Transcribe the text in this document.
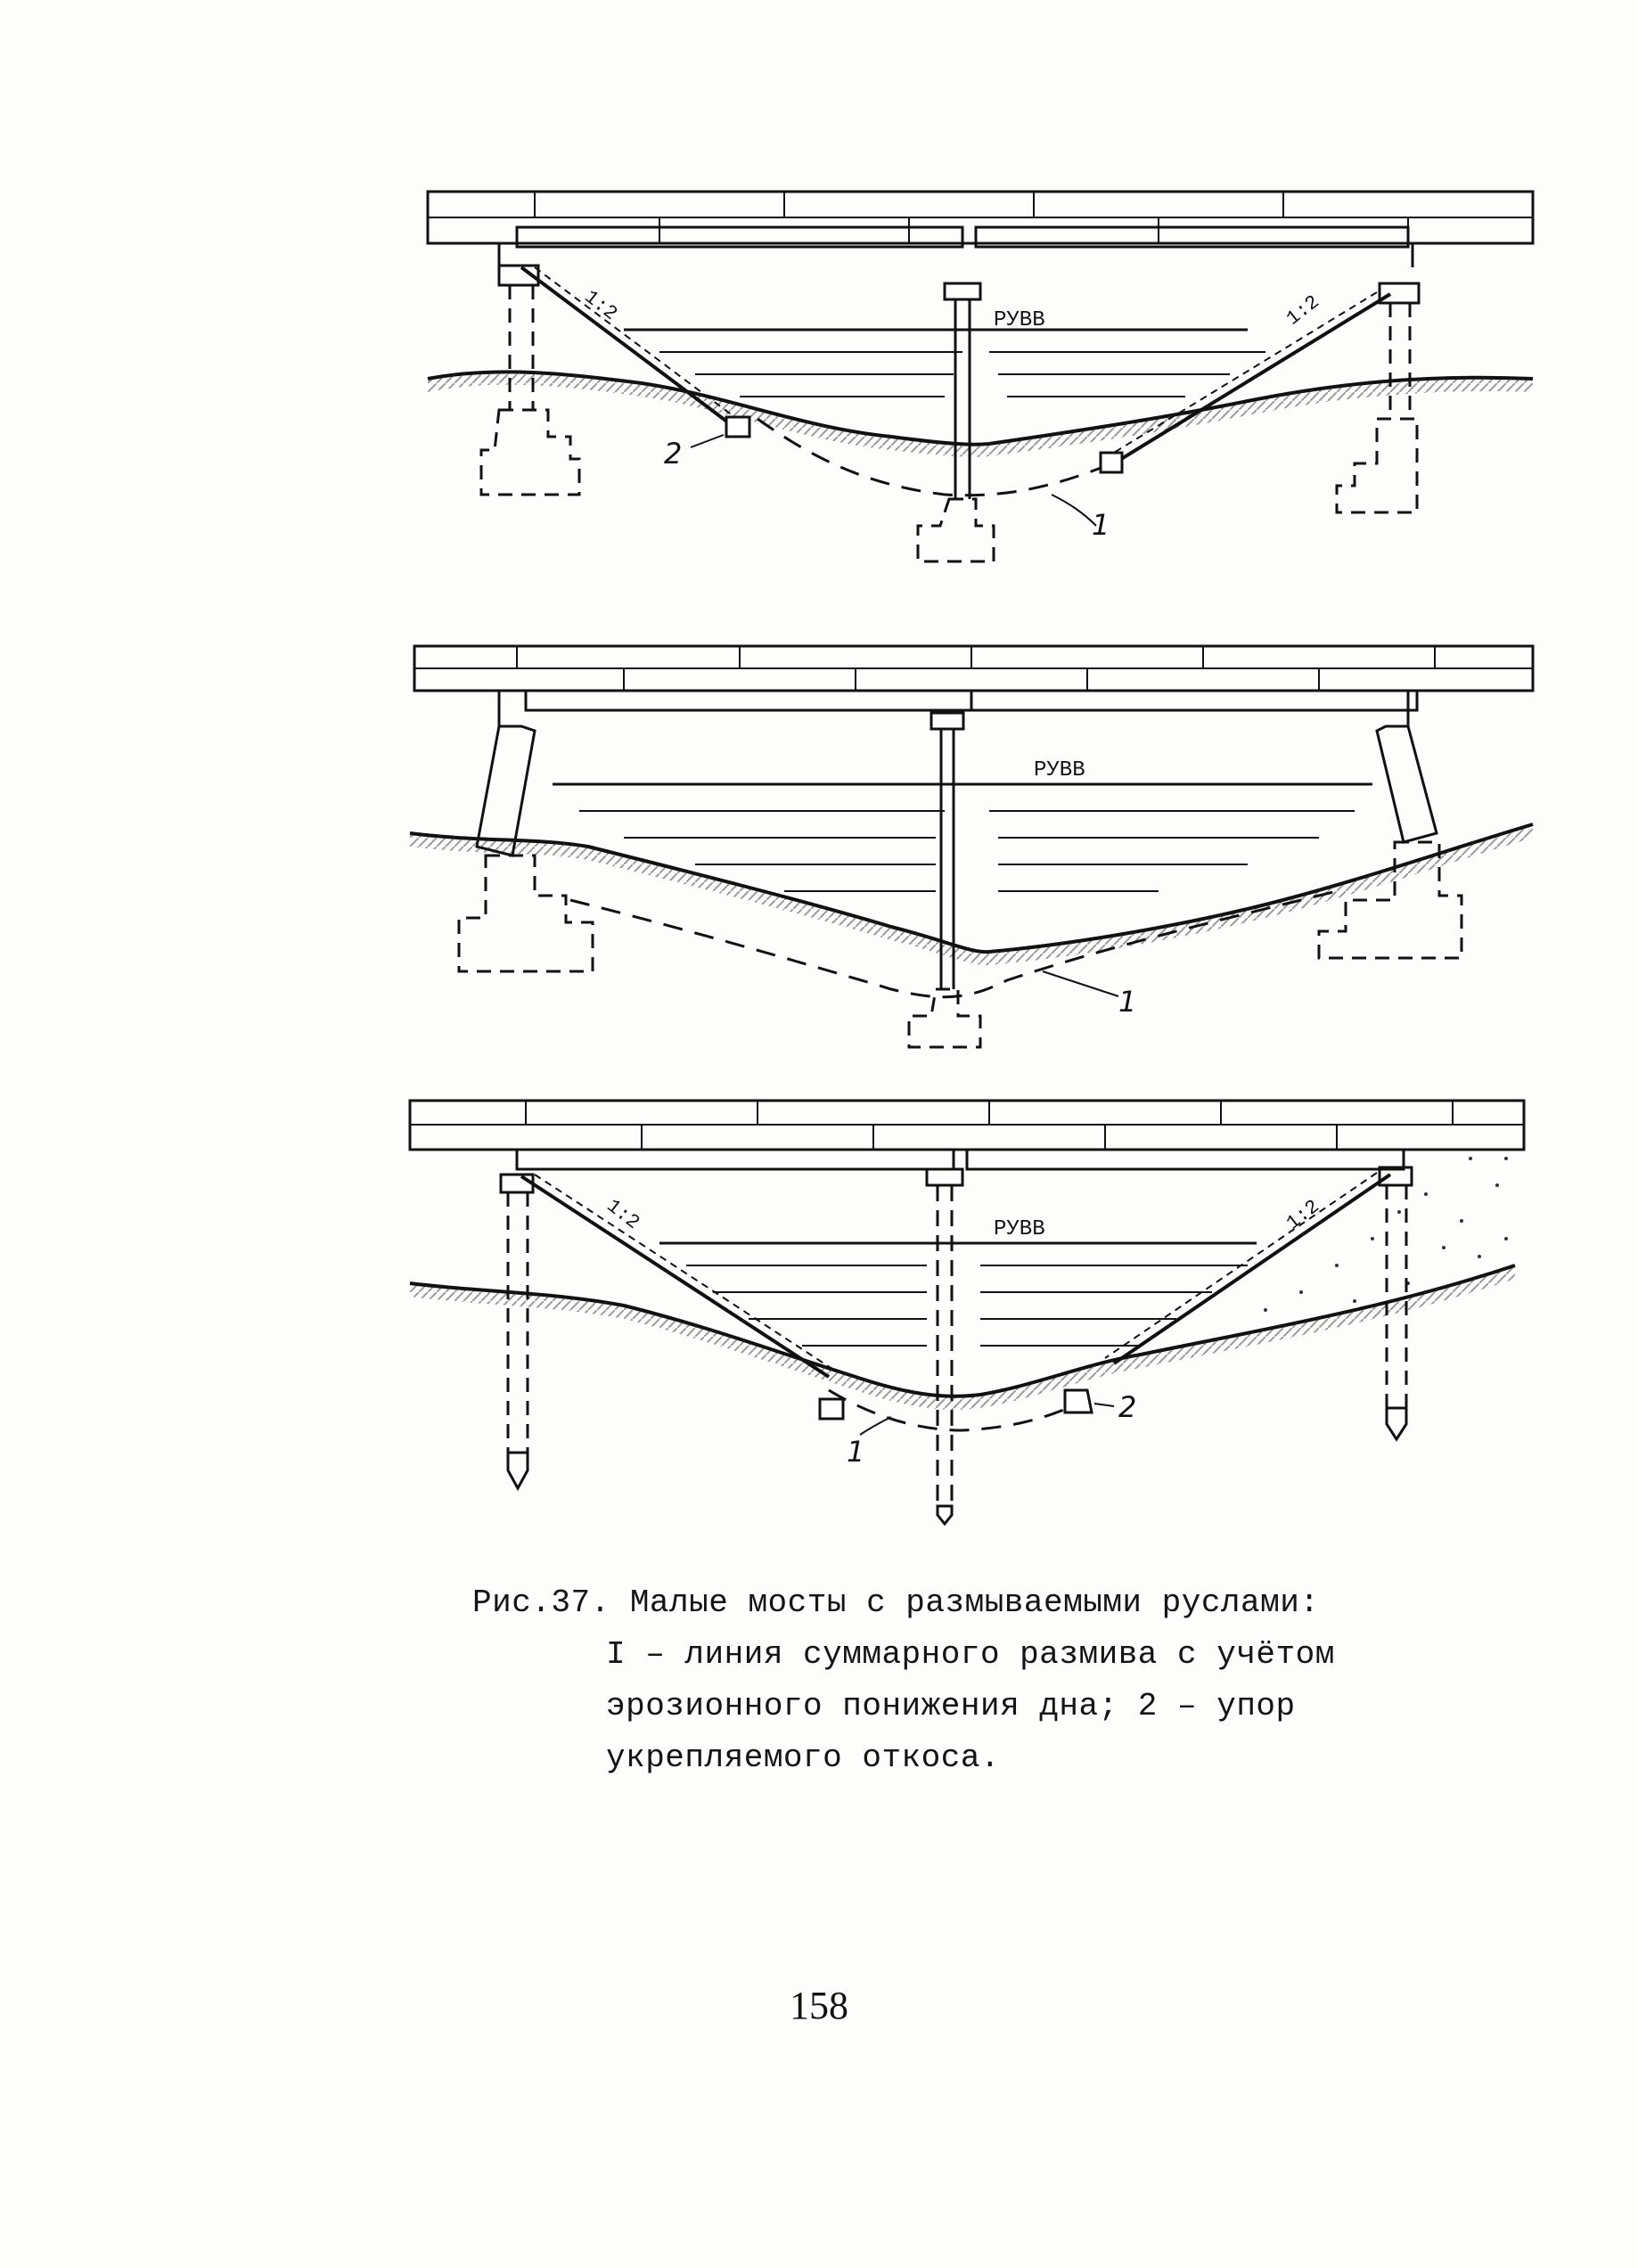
РУВВ
1:2	1:2
2
1
РУВВ
1
РУВВ
1:2	1:2
1
2
Рис.37. Малые мосты с размываемыми руслами:
I – линия суммарного размива с учётом эрозионного понижения дна; 2 – упор укрепляемого откоса.
158
